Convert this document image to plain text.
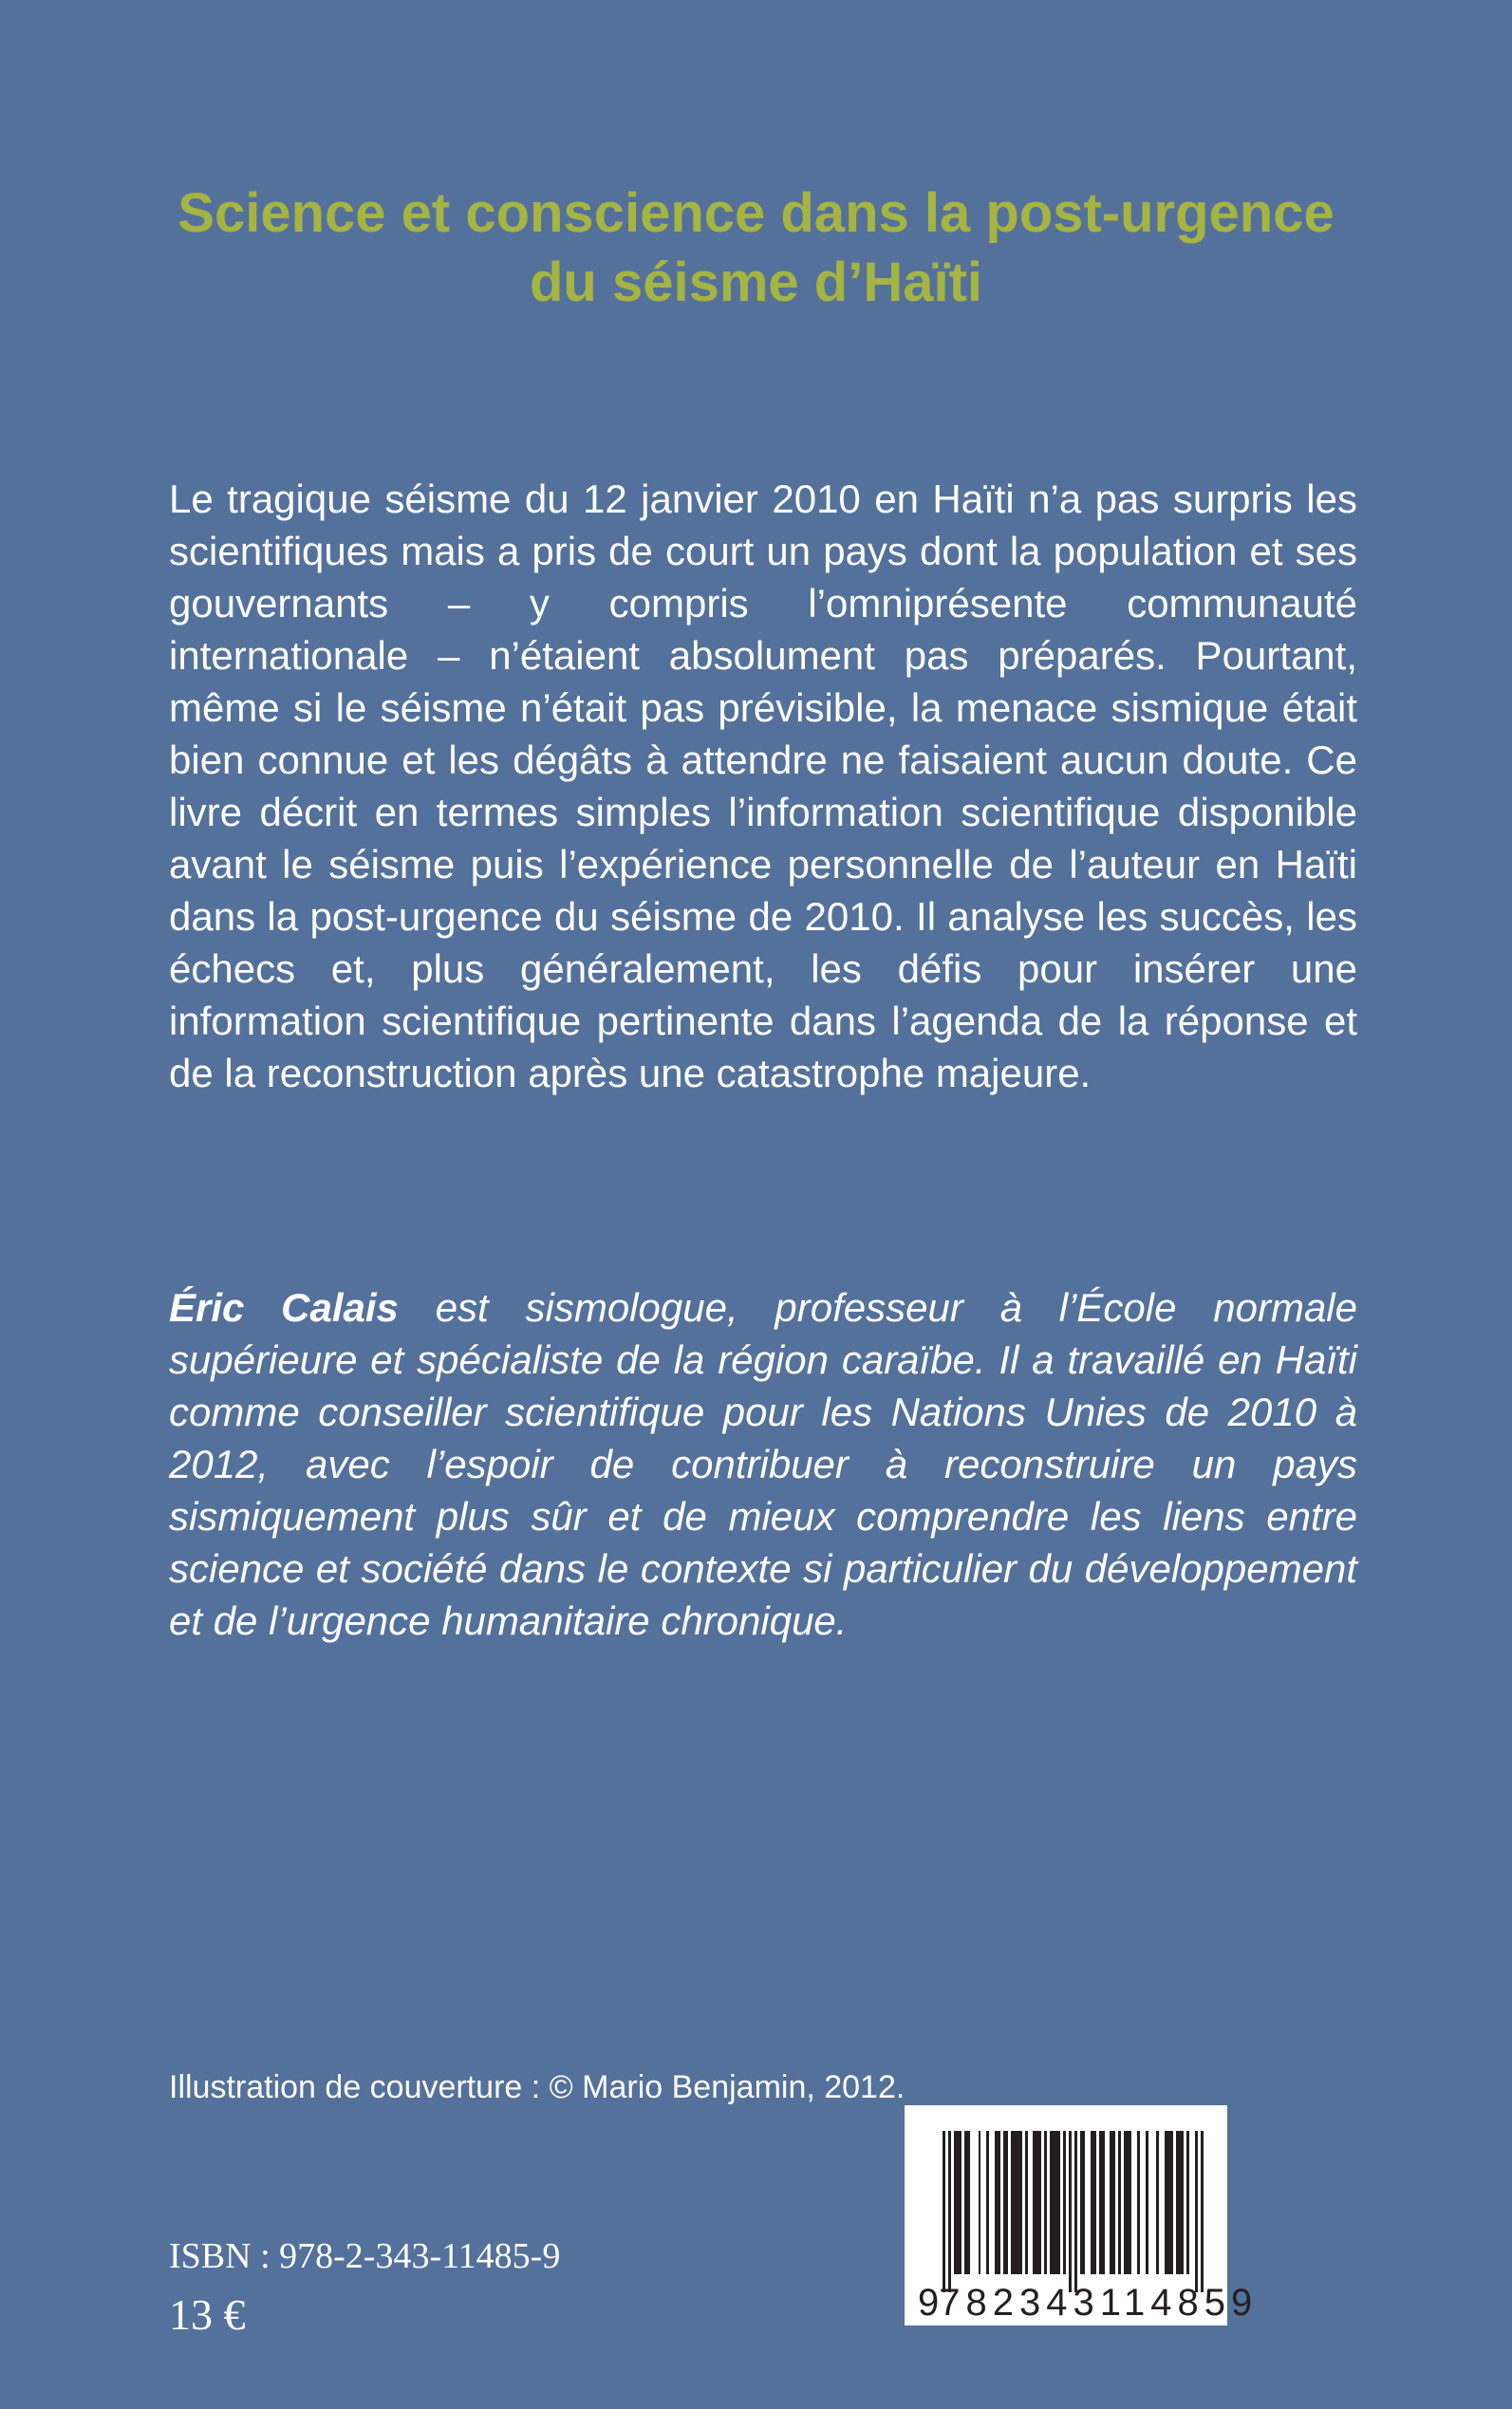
Science et conscience dans la post-urgence
du séisme d’Haïti

Le tragique séisme du 12 janvier 2010 en Haïti n’a pas surpris les scientifiques mais a pris de court un pays dont la population et ses gouvernants – y compris l’omniprésente communauté internationale – n’étaient absolument pas préparés. Pourtant, même si le séisme n’était pas prévisible, la menace sismique était bien connue et les dégâts à attendre ne faisaient aucun doute. Ce livre décrit en termes simples l’information scientifique disponible avant le séisme puis l’expérience personnelle de l’auteur en Haïti dans la post-urgence du séisme de 2010. Il analyse les succès, les échecs et, plus généralement, les défis pour insérer une information scientifique pertinente dans l’agenda de la réponse et de la reconstruction après une catastrophe majeure.

Éric Calais est sismologue, professeur à l’École normale supérieure et spécialiste de la région caraïbe. Il a travaillé en Haïti comme conseiller scientifique pour les Nations Unies de 2010 à 2012, avec l’espoir de contribuer à reconstruire un pays sismiquement plus sûr et de mieux comprendre les liens entre science et société dans le contexte si particulier du développement et de l’urgence humanitaire chronique.

Illustration de couverture : © Mario Benjamin, 2012.

ISBN : 978-2-343-11485-9

13 €	9 782343 114859
